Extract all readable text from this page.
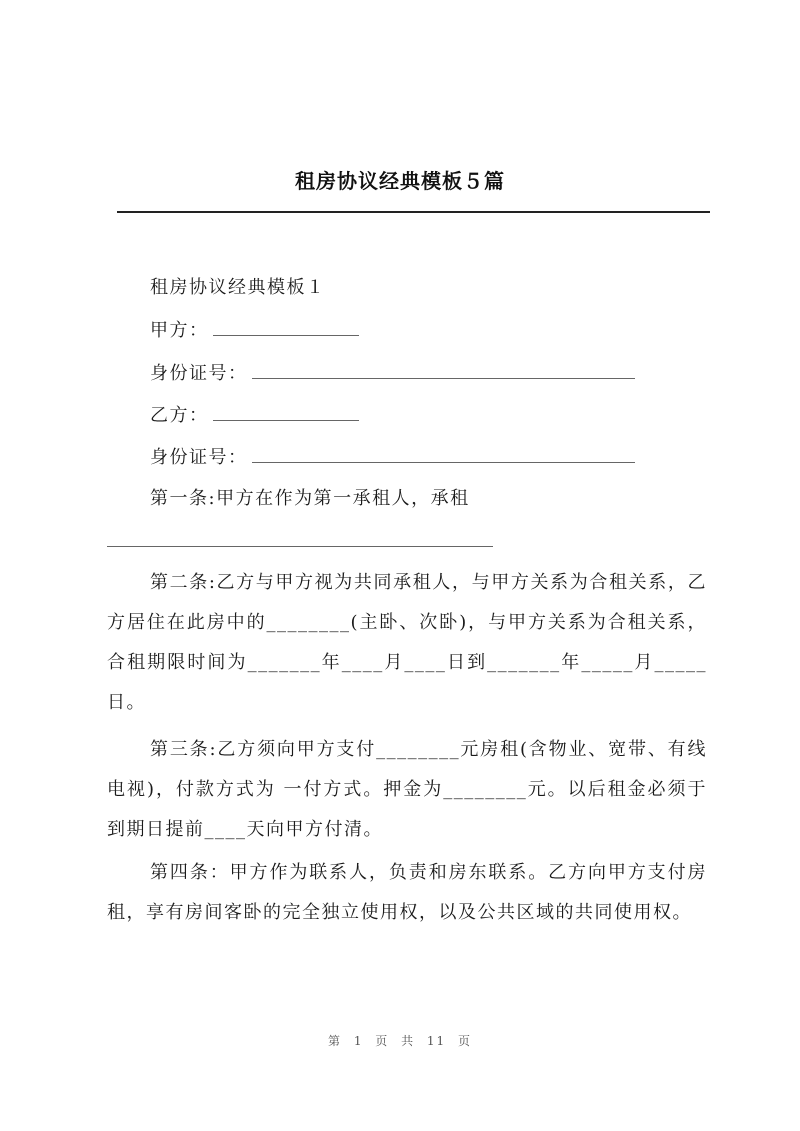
租房协议经典模板５篇
租房协议经典模板１
甲方：
身份证号：
乙方：
身份证号：
第一条:甲方在作为第一承租人，承租

第二条:乙方与甲方视为共同承租人，与甲方关系为合租关系，乙方居住在此房中的________(主卧、次卧)，与甲方关系为合租关系，合租期限时间为_______年____月____日到_______年_____月_____日。

第三条:乙方须向甲方支付________元房租(含物业、宽带、有线电视)，付款方式为 一付方式。押金为________元。以后租金必须于到期日提前____天向甲方付清。

第四条：甲方作为联系人，负责和房东联系。乙方向甲方支付房租，享有房间客卧的完全独立使用权，以及公共区域的共同使用权。

第 1 页 共 11 页
